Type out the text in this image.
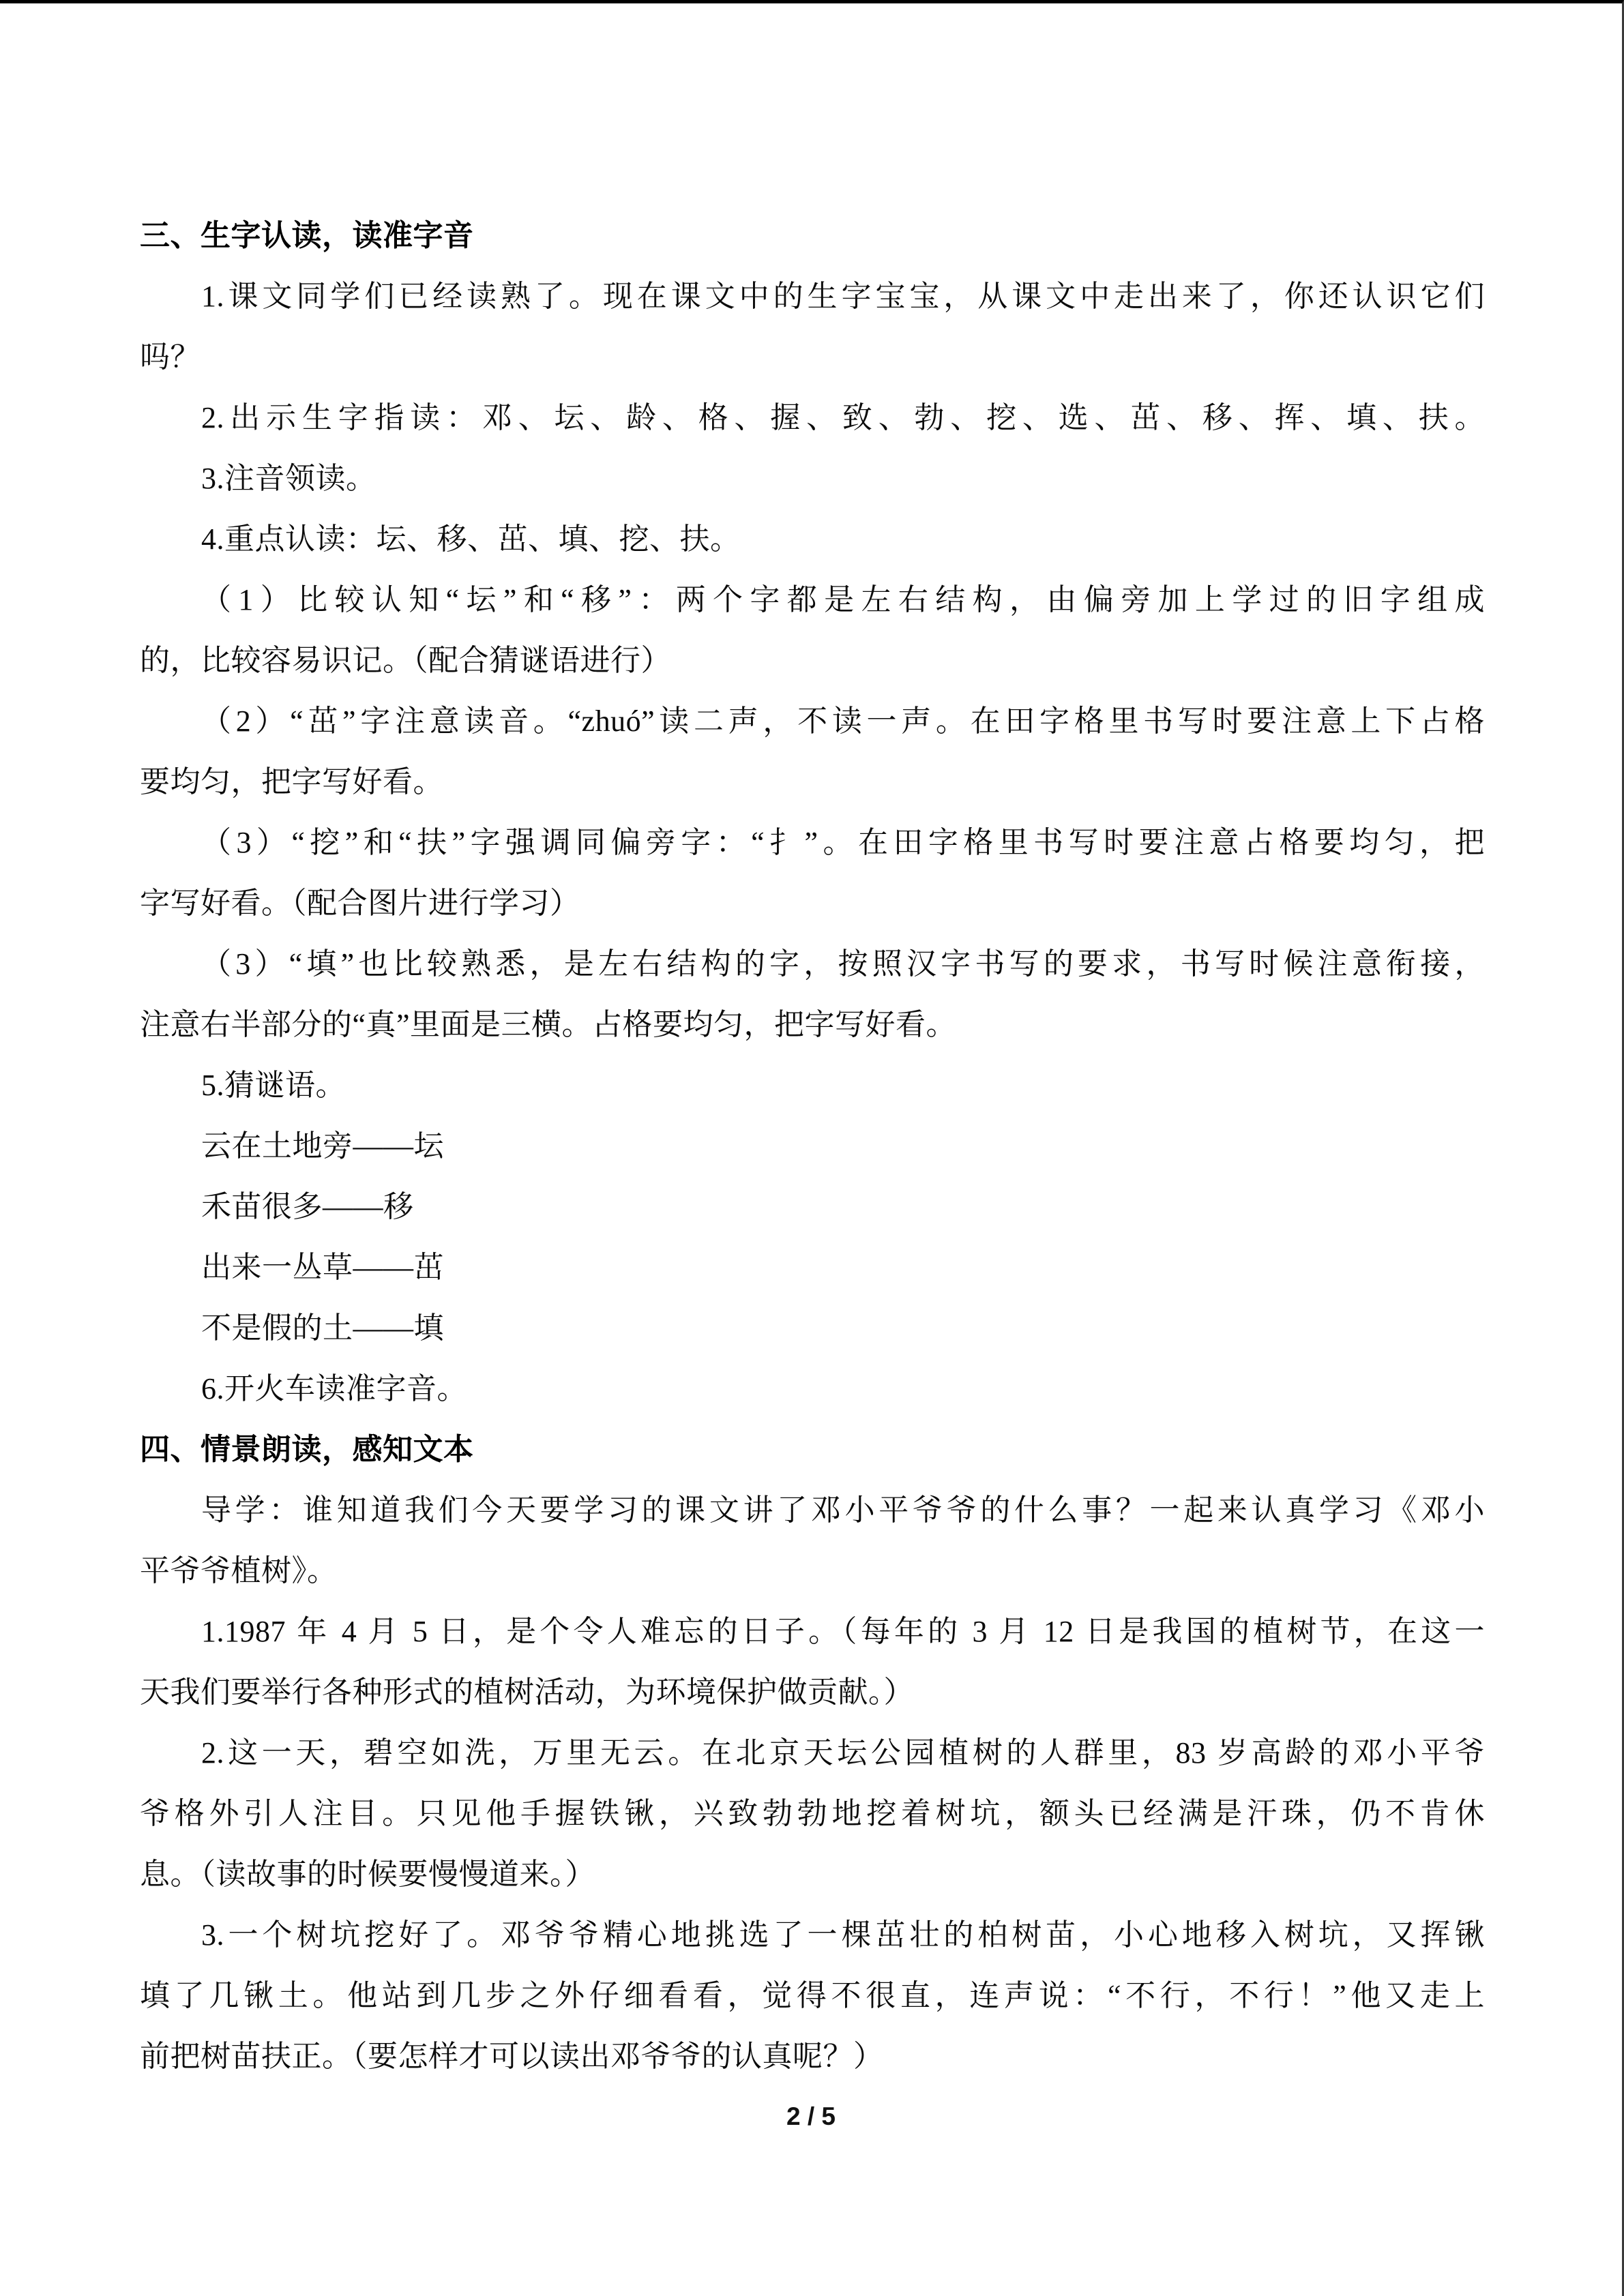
三、生字认读，读准字音
1.课文同学们已经读熟了。现在课文中的生字宝宝，从课文中走出来了，你还认识它们
吗？
2.出示生字指读：邓、坛、龄、格、握、致、勃、挖、选、茁、移、挥、填、扶。
3.注音领读。
4.重点认读：坛、移、茁、填、挖、扶。
（1）比较认知“坛”和“移”：两个字都是左右结构，由偏旁加上学过的旧字组成
的，比较容易识记。（配合猜谜语进行）
（2）“茁”字注意读音。“zhuó”读二声，不读一声。在田字格里书写时要注意上下占格
要均匀，把字写好看。
（3）“挖”和“扶”字强调同偏旁字：“扌”。在田字格里书写时要注意占格要均匀，把
字写好看。（配合图片进行学习）
（3）“填”也比较熟悉，是左右结构的字，按照汉字书写的要求，书写时候注意衔接，
注意右半部分的“真”里面是三横。占格要均匀，把字写好看。
5.猜谜语。
云在土地旁——坛
禾苗很多——移
出来一丛草——茁
不是假的土——填
6.开火车读准字音。
四、情景朗读，感知文本
导学：谁知道我们今天要学习的课文讲了邓小平爷爷的什么事？一起来认真学习《邓小
平爷爷植树》。
1.1987 年 4 月 5 日，是个令人难忘的日子。（每年的 3 月 12 日是我国的植树节，在这一
天我们要举行各种形式的植树活动，为环境保护做贡献。）
2.这一天，碧空如洗，万里无云。在北京天坛公园植树的人群里，83 岁高龄的邓小平爷
爷格外引人注目。只见他手握铁锹，兴致勃勃地挖着树坑，额头已经满是汗珠，仍不肯休
息。（读故事的时候要慢慢道来。）
3.一个树坑挖好了。邓爷爷精心地挑选了一棵茁壮的柏树苗，小心地移入树坑，又挥锹
填了几锹土。他站到几步之外仔细看看，觉得不很直，连声说：“不行，不行！”他又走上
前把树苗扶正。（要怎样才可以读出邓爷爷的认真呢？）
2 / 5
